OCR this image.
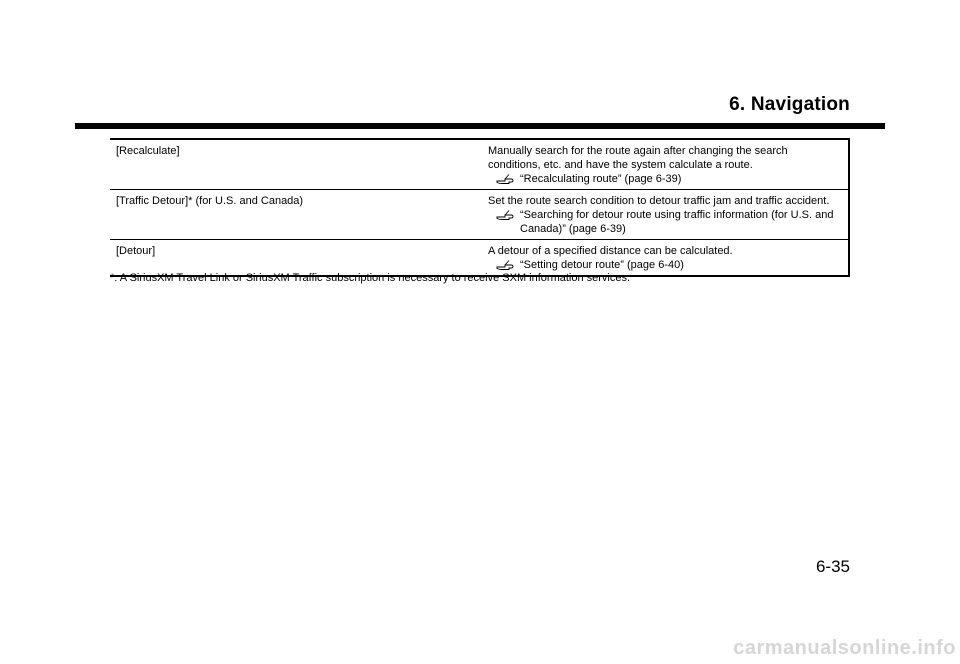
6. Navigation
[Recalculate]	Manually search for the route again after changing the search conditions, etc. and have the system calculate a route.
“Recalculating route” (page 6-39)
[Traffic Detour]* (for U.S. and Canada)	Set the route search condition to detour traffic jam and traffic accident.
“Searching for detour route using traffic information (for U.S. and Canada)” (page 6-39)
[Detour]	A detour of a specified distance can be calculated.
“Setting detour route” (page 6-40)
*: A SiriusXM Travel Link or SiriusXM Traffic subscription is necessary to receive SXM information services.
6-35
carmanualsonline.info
